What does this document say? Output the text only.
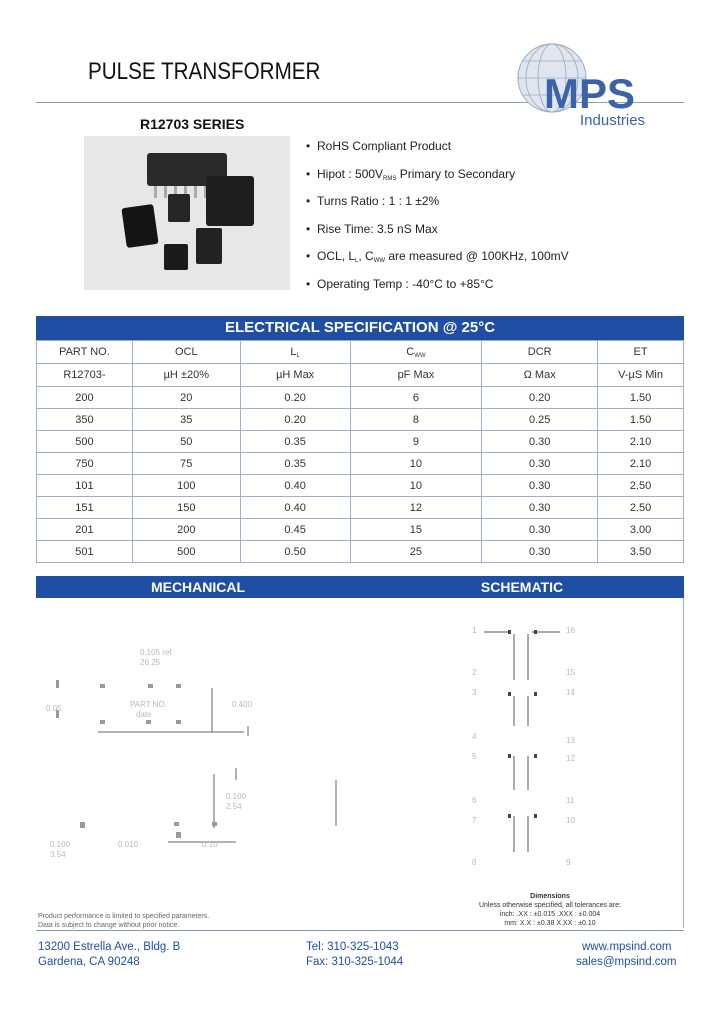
PULSE TRANSFORMER	MPS
Industries
R12703 SERIES
• RoHS Compliant Product
• Hipot : $500V_{RMS}$ Primary to Secondary
• Turns Ratio : 1 : 1 ±2%
• Rise Time: 3.5 nS Max
• OCL, $L_L$, $C_{WW}$ are measured @ 100KHz, 100mV
• Operating Temp : -40°C to +85°C
ELECTRICAL SPECIFICATION @ 25°C
PART NO.	OCL	$L_L$	$C_{WW}$	DCR	ET
R12703-	µH ±20%	µH Max	pF Max	Ω Max	V-µS Min
200	20	0.20	6	0.20	1.50
350	35	0.20	8	0.25	1.50
500	50	0.35	9	0.30	2.10
750	75	0.35	10	0.30	2.10
101	100	0.40	10	0.30	2.50
151	150	0.40	12	0.30	2.50
201	200	0.45	15	0.30	3.00
501	500	0.50	25	0.30	3.50
MECHANICAL	SCHEMATIC
0.105 ref
26.25
PART NO.
date
0.400
0.05
0.100
2.54
0.100
3.54
0.010	0.10
1	16
2	15
3	14
4	13
5	12
6	11
7	10
8	9
Dimensions
Unless otherwise specified, all tolerances are:
inch: .XX : ±0.015 .XXX : ±0.004
mm: X.X : ±0.38 X.XX : ±0.10
Product performance is limited to specified parameters.
Data is subject to change without prior notice.
13200 Estrella Ave., Bldg. B
Gardena, CA 90248
Tel: 310-325-1043
Fax: 310-325-1044
www.mpsind.com
sales@mpsind.com
